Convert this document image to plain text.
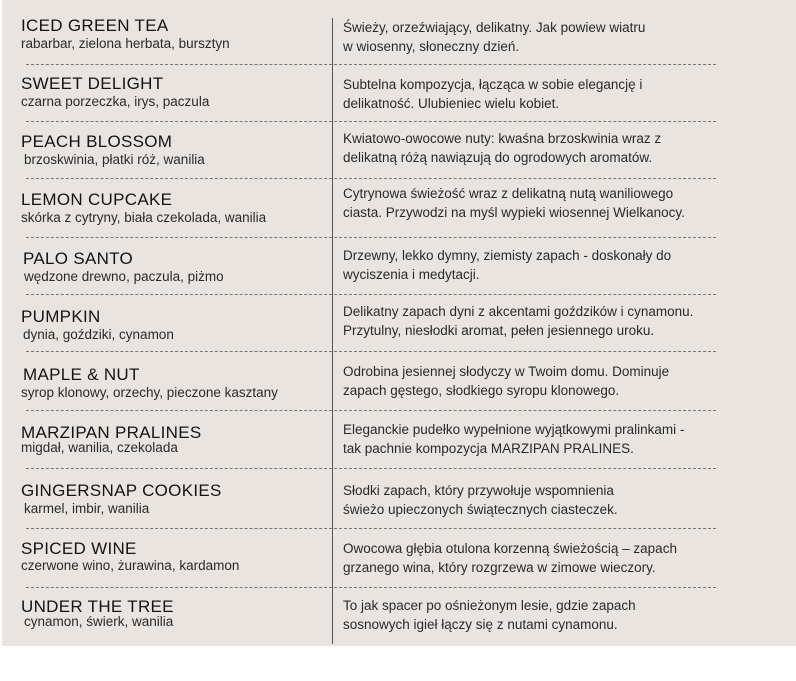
ICED GREEN TEA
rabarbar, zielona herbata, bursztyn
Świeży, orzeźwiający, delikatny. Jak powiew wiatru
w wiosenny, słoneczny dzień.
SWEET DELIGHT
czarna porzeczka, irys, paczula
Subtelna kompozycja, łącząca w sobie elegancję i
delikatność. Ulubieniec wielu kobiet.
PEACH BLOSSOM
brzoskwinia, płatki róż, wanilia
Kwiatowo-owocowe nuty: kwaśna brzoskwinia wraz z
delikatną różą nawiązują do ogrodowych aromatów.
LEMON CUPCAKE
skórka z cytryny, biała czekolada, wanilia
Cytrynowa świeżość wraz z delikatną nutą waniliowego
ciasta. Przywodzi na myśl wypieki wiosennej Wielkanocy.
PALO SANTO
wędzone drewno, paczula, piżmo
Drzewny, lekko dymny, ziemisty zapach - doskonały do
wyciszenia i medytacji.
PUMPKIN
dynia, goździki, cynamon
Delikatny zapach dyni z akcentami goździków i cynamonu.
Przytulny, niesłodki aromat, pełen jesiennego uroku.
MAPLE & NUT
syrop klonowy, orzechy, pieczone kasztany
Odrobina jesiennej słodyczy w Twoim domu. Dominuje
zapach gęstego, słodkiego syropu klonowego.
MARZIPAN PRALINES
migdał, wanilia, czekolada
Eleganckie pudełko wypełnione wyjątkowymi pralinkami -
tak pachnie kompozycja MARZIPAN PRALINES.
GINGERSNAP COOKIES
karmel, imbir, wanilia
Słodki zapach, który przywołuje wspomnienia
świeżo upieczonych świątecznych ciasteczek.
SPICED WINE
czerwone wino, żurawina, kardamon
Owocowa głębia otulona korzenną świeżością – zapach
grzanego wina, który rozgrzewa w zimowe wieczory.
UNDER THE TREE
cynamon, świerk, wanilia
To jak spacer po ośnieżonym lesie, gdzie zapach
sosnowych igieł łączy się z nutami cynamonu.
